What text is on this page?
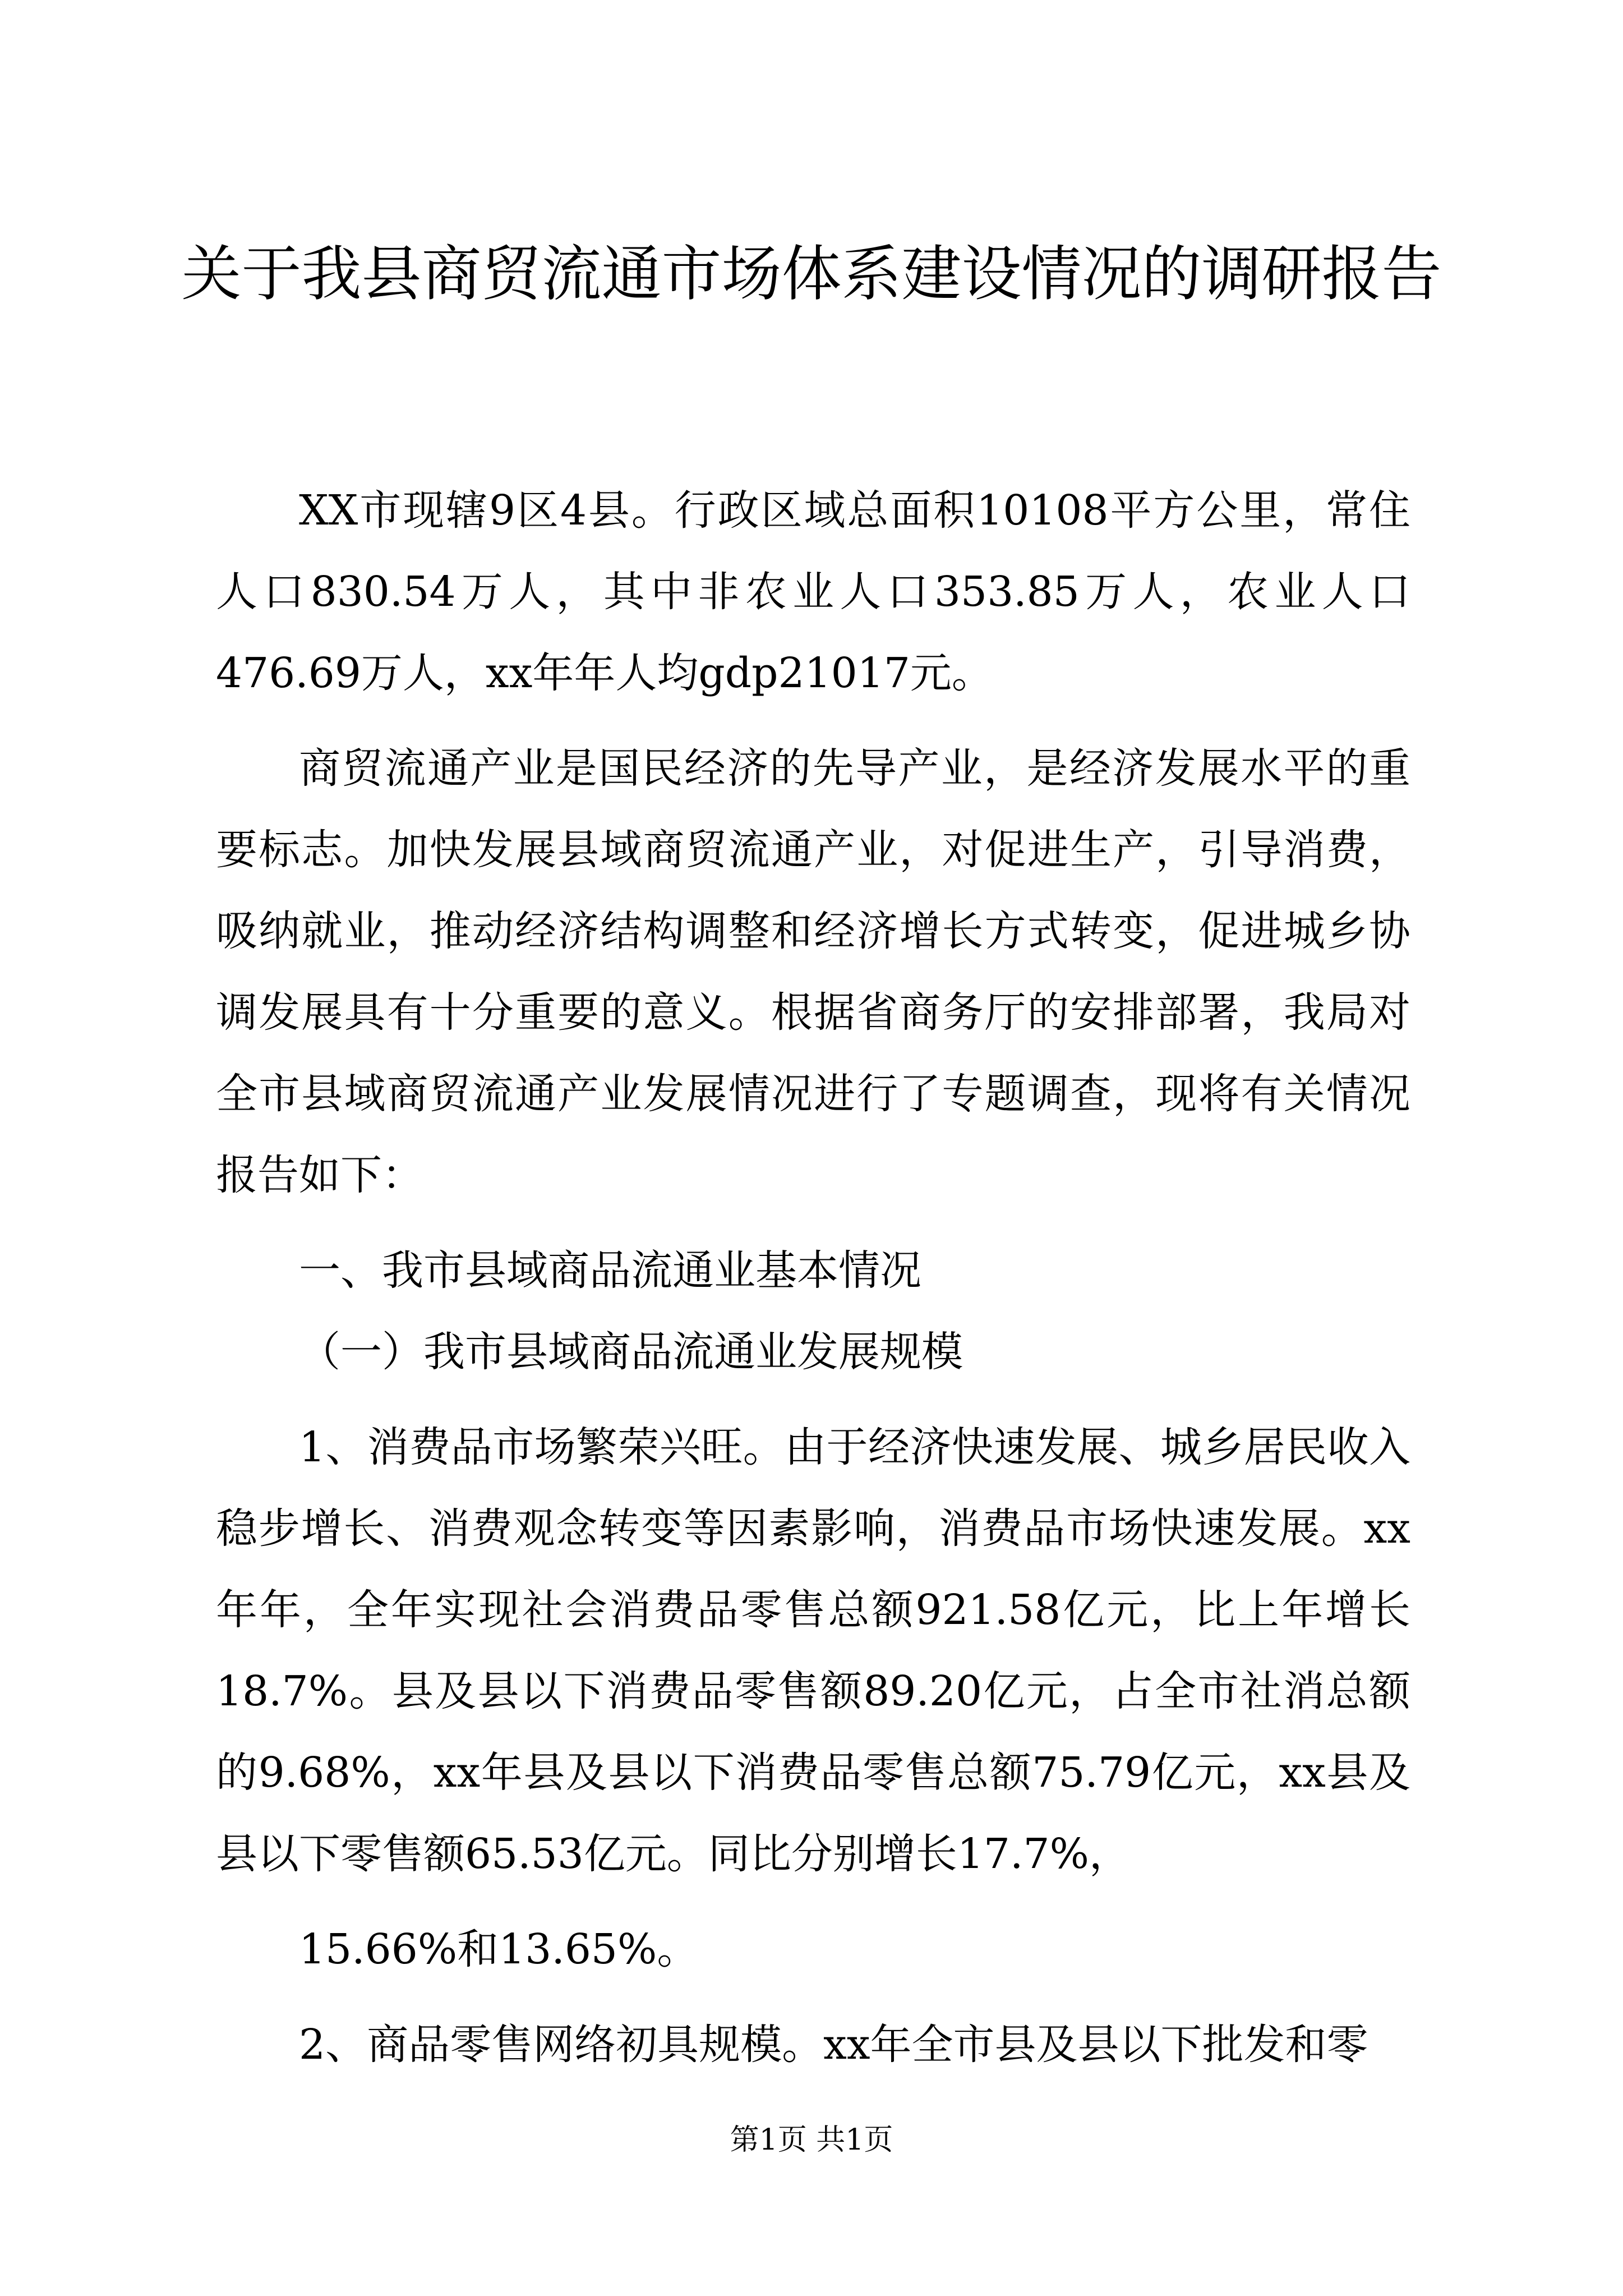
关于我县商贸流通市场体系建设情况的调研报告

XX市现辖9区4县。行政区域总面积10108平方公里，常住人口830.54万人，其中非农业人口353.85万人，农业人口476.69万人，xx年年人均gdp21017元。

商贸流通产业是国民经济的先导产业，是经济发展水平的重要标志。加快发展县域商贸流通产业，对促进生产，引导消费，吸纳就业，推动经济结构调整和经济增长方式转变，促进城乡协调发展具有十分重要的意义。根据省商务厅的安排部署，我局对全市县域商贸流通产业发展情况进行了专题调查，现将有关情况报告如下：

一、我市县域商品流通业基本情况

（一）我市县域商品流通业发展规模

1、消费品市场繁荣兴旺。由于经济快速发展、城乡居民收入稳步增长、消费观念转变等因素影响，消费品市场快速发展。xx年年，全年实现社会消费品零售总额921.58亿元，比上年增长18.7%。县及县以下消费品零售额89.20亿元，占全市社消总额的9.68%，xx年县及县以下消费品零售总额75.79亿元，xx县及县以下零售额65.53亿元。同比分别增长17.7%，

15.66%和13.65%。

2、商品零售网络初具规模。xx年全市县及县以下批发和零

第1页 共1页
